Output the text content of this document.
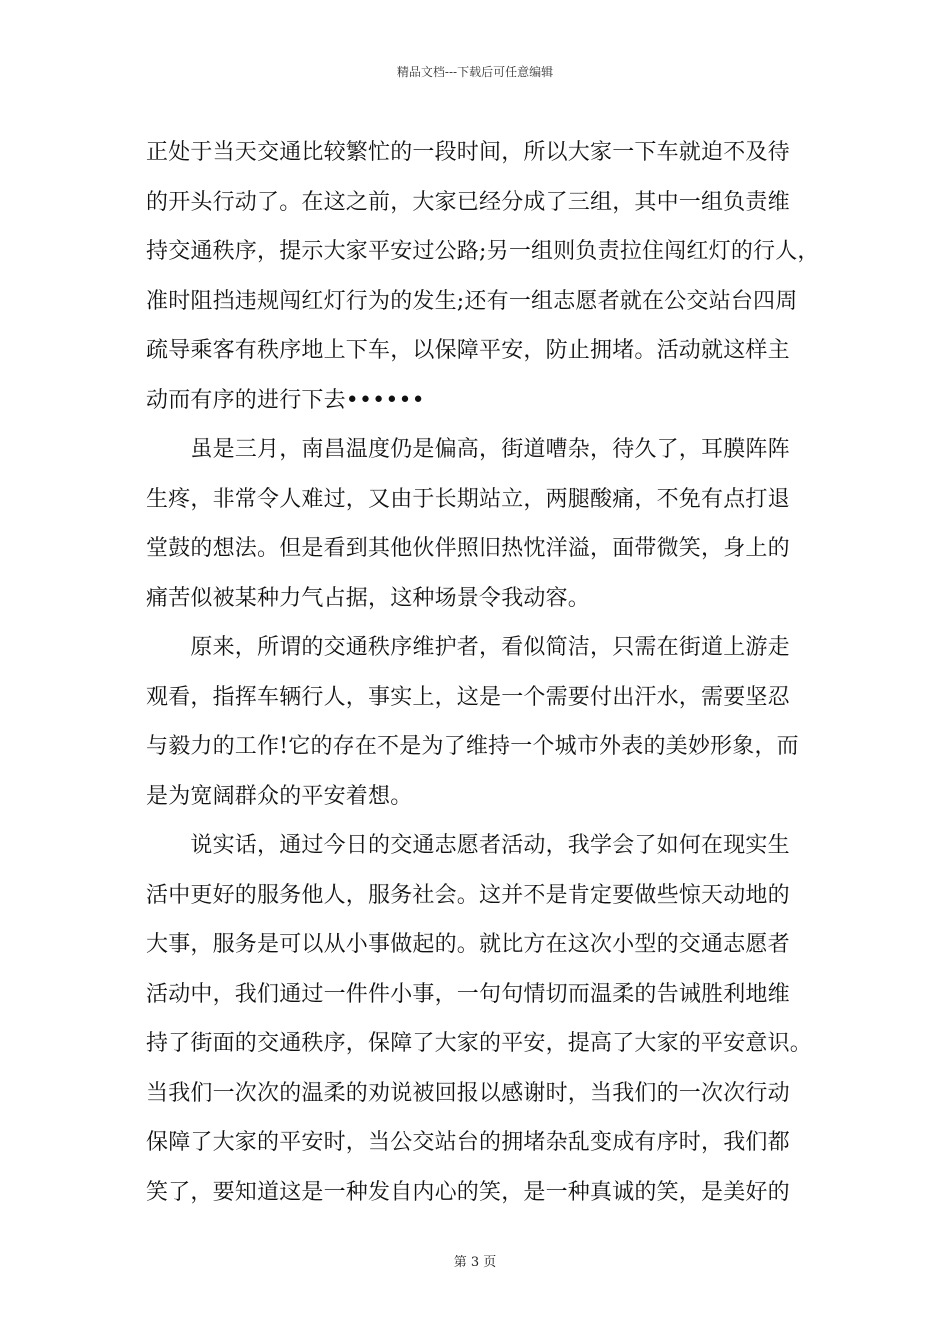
精品文档---下载后可任意编辑
正处于当天交通比较繁忙的一段时间，所以大家一下车就迫不及待
的开头行动了。在这之前，大家已经分成了三组，其中一组负责维
持交通秩序，提示大家平安过公路;另一组则负责拉住闯红灯的行人，
准时阻挡违规闯红灯行为的发生;还有一组志愿者就在公交站台四周
疏导乘客有秩序地上下车，以保障平安，防止拥堵。活动就这样主
动而有序的进行下去••••••
　　虽是三月，南昌温度仍是偏高，街道嘈杂，待久了，耳膜阵阵
生疼，非常令人难过，又由于长期站立，两腿酸痛，不免有点打退
堂鼓的想法。但是看到其他伙伴照旧热忱洋溢，面带微笑，身上的
痛苦似被某种力气占据，这种场景令我动容。
　　原来，所谓的交通秩序维护者，看似简洁，只需在街道上游走
观看，指挥车辆行人，事实上，这是一个需要付出汗水，需要坚忍
与毅力的工作!它的存在不是为了维持一个城市外表的美妙形象，而
是为宽阔群众的平安着想。
　　说实话，通过今日的交通志愿者活动，我学会了如何在现实生
活中更好的服务他人，服务社会。这并不是肯定要做些惊天动地的
大事，服务是可以从小事做起的。就比方在这次小型的交通志愿者
活动中，我们通过一件件小事，一句句情切而温柔的告诫胜利地维
持了街面的交通秩序，保障了大家的平安，提高了大家的平安意识。
当我们一次次的温柔的劝说被回报以感谢时，当我们的一次次行动
保障了大家的平安时，当公交站台的拥堵杂乱变成有序时，我们都
笑了，要知道这是一种发自内心的笑，是一种真诚的笑，是美好的
第 3 页
